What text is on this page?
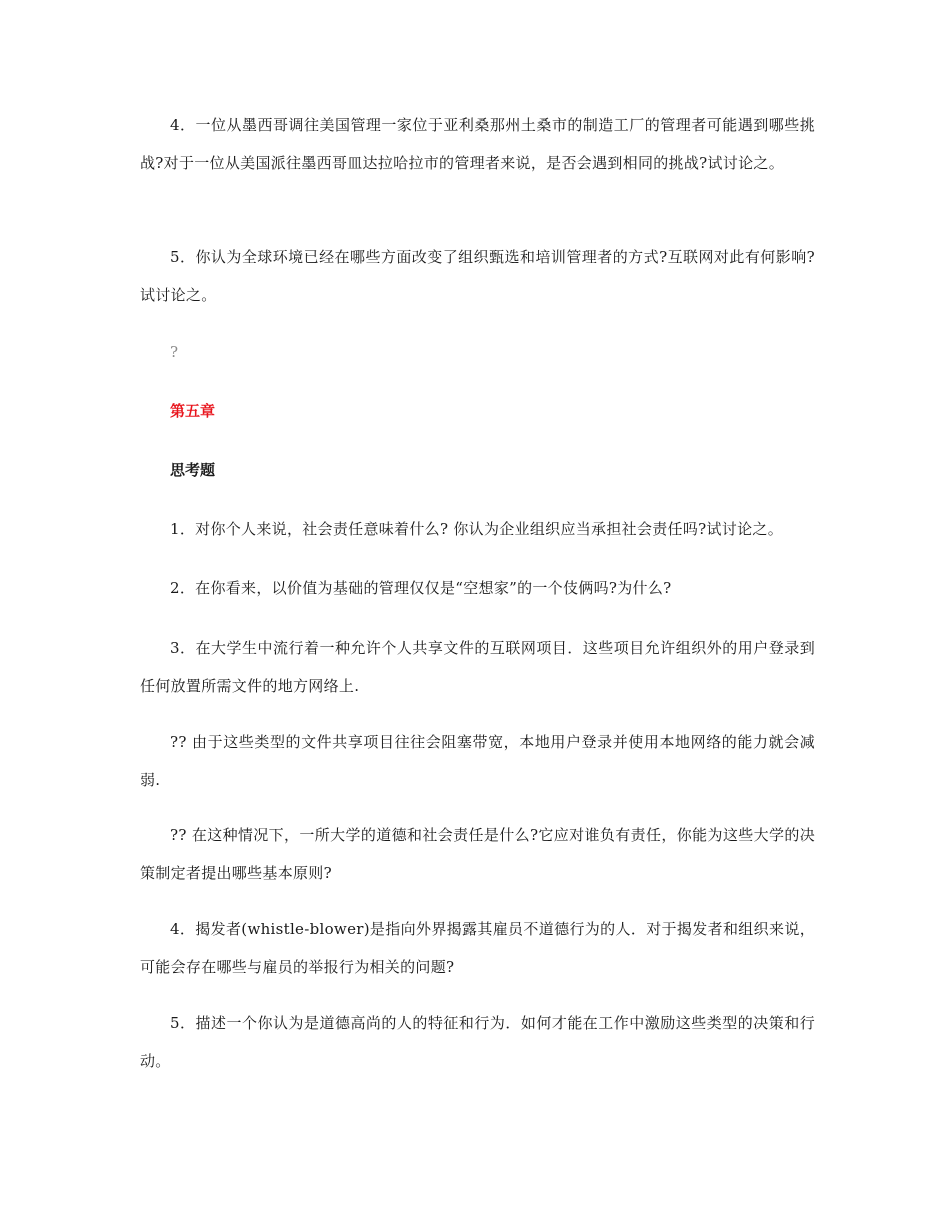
4．一位从墨西哥调往美国管理一家位于亚利桑那州土桑市的制造工厂的管理者可能遇到哪些挑战?对于一位从美国派往墨西哥皿达拉哈拉市的管理者来说，是否会遇到相同的挑战?试讨论之。

5．你认为全球环境已经在哪些方面改变了组织甄选和培训管理者的方式?互联网对此有何影响?试讨论之。

?

第五章
思考题

1．对你个人来说，社会责任意味着什么? 你认为企业组织应当承担社会责任吗?试讨论之。

2．在你看来，以价值为基础的管理仅仅是“空想家”的一个伎俩吗?为什么?

3．在大学生中流行着一种允许个人共享文件的互联网项目．这些项目允许组织外的用户登录到任何放置所需文件的地方网络上.

?? 由于这些类型的文件共享项目往往会阻塞带宽，本地用户登录并使用本地网络的能力就会减弱.

?? 在这种情况下，一所大学的道德和社会责任是什么?它应对谁负有责任，你能为这些大学的决策制定者提出哪些基本原则?

4．揭发者(whistle-blower)是指向外界揭露其雇员不道德行为的人．对于揭发者和组织来说，可能会存在哪些与雇员的举报行为相关的问题?

5．描述一个你认为是道德高尚的人的特征和行为．如何才能在工作中激励这些类型的决策和行动。
